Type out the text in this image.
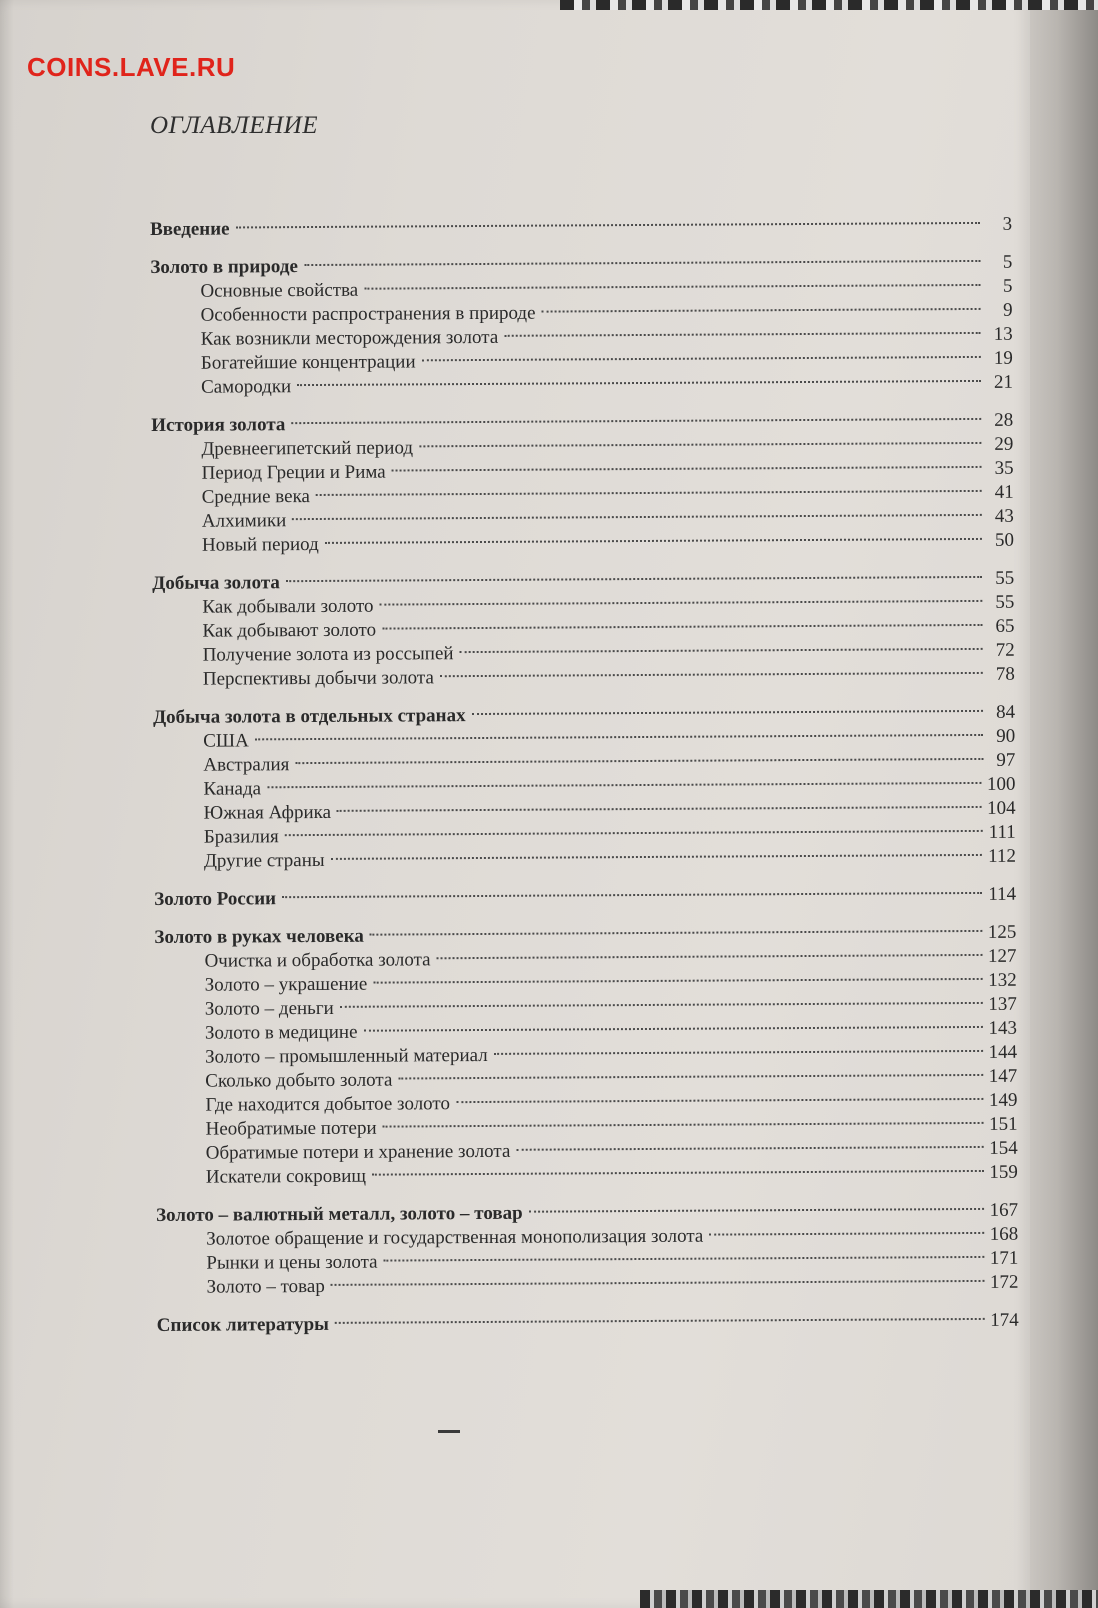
COINS.LAVE.RU
ОГЛАВЛЕНИЕ
Введение	3
Золото в природе	5
Основные свойства	5
Особенности распространения в природе	9
Как возникли месторождения золота	13
Богатейшие концентрации	19
Самородки	21
История золота	28
Древнеегипетский период	29
Период Греции и Рима	35
Средние века	41
Алхимики	43
Новый период	50
Добыча золота	55
Как добывали золото	55
Как добывают золото	65
Получение золота из россыпей	72
Перспективы добычи золота	78
Добыча золота в отдельных странах	84
США	90
Австралия	97
Канада	100
Южная Африка	104
Бразилия	111
Другие страны	112
Золото России	114
Золото в руках человека	125
Очистка и обработка золота	127
Золото – украшение	132
Золото – деньги	137
Золото в медицине	143
Золото – промышленный материал	144
Сколько добыто золота	147
Где находится добытое золото	149
Необратимые потери	151
Обратимые потери и хранение золота	154
Искатели сокровищ	159
Золото – валютный металл, золото – товар	167
Золотое обращение и государственная монополизация золота	168
Рынки и цены золота	171
Золото – товар	172
Список литературы	174
